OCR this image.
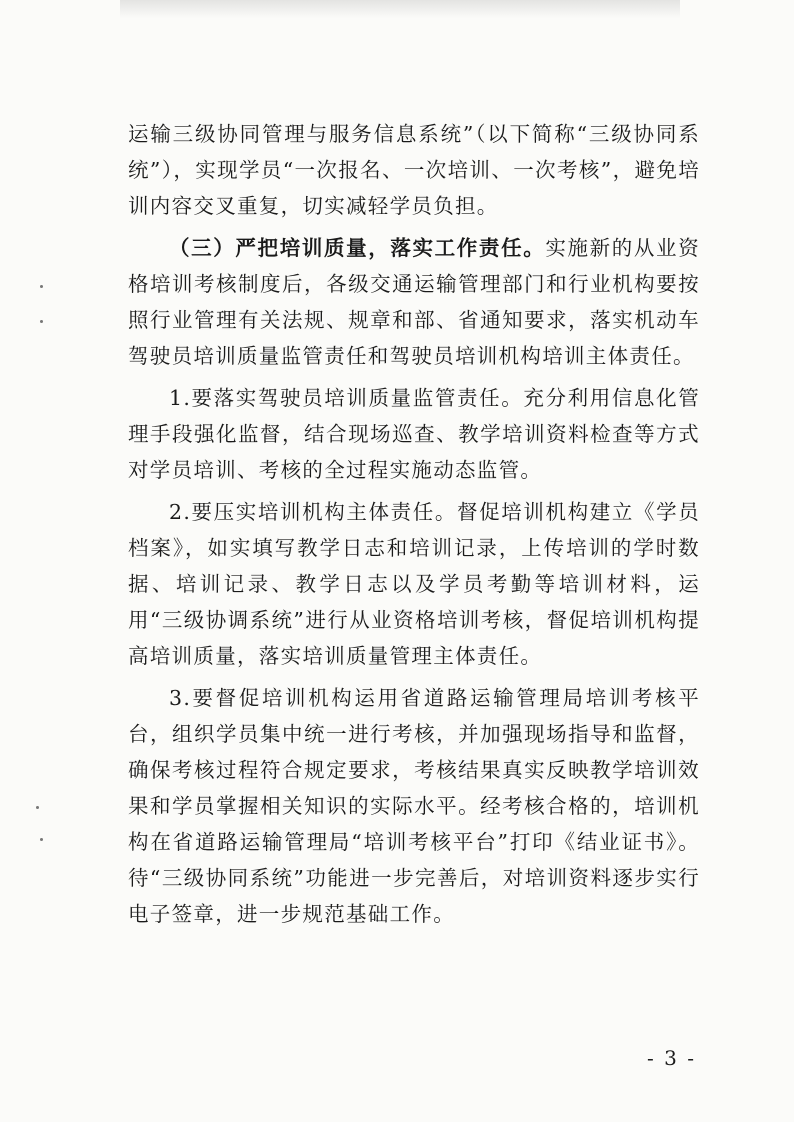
运输三级协同管理与服务信息系统”（以下简称“三级协同系统”），实现学员“一次报名、一次培训、一次考核”，避免培训内容交叉重复，切实减轻学员负担。

（三）严把培训质量，落实工作责任。实施新的从业资格培训考核制度后，各级交通运输管理部门和行业机构要按照行业管理有关法规、规章和部、省通知要求，落实机动车驾驶员培训质量监管责任和驾驶员培训机构培训主体责任。

1.要落实驾驶员培训质量监管责任。充分利用信息化管理手段强化监督，结合现场巡查、教学培训资料检查等方式对学员培训、考核的全过程实施动态监管。

2.要压实培训机构主体责任。督促培训机构建立《学员档案》，如实填写教学日志和培训记录，上传培训的学时数据、培训记录、教学日志以及学员考勤等培训材料，运用“三级协调系统”进行从业资格培训考核，督促培训机构提高培训质量，落实培训质量管理主体责任。

3.要督促培训机构运用省道路运输管理局培训考核平台，组织学员集中统一进行考核，并加强现场指导和监督，确保考核过程符合规定要求，考核结果真实反映教学培训效果和学员掌握相关知识的实际水平。经考核合格的，培训机构在省道路运输管理局“培训考核平台”打印《结业证书》。待“三级协同系统”功能进一步完善后，对培训资料逐步实行电子签章，进一步规范基础工作。

- 3 -
